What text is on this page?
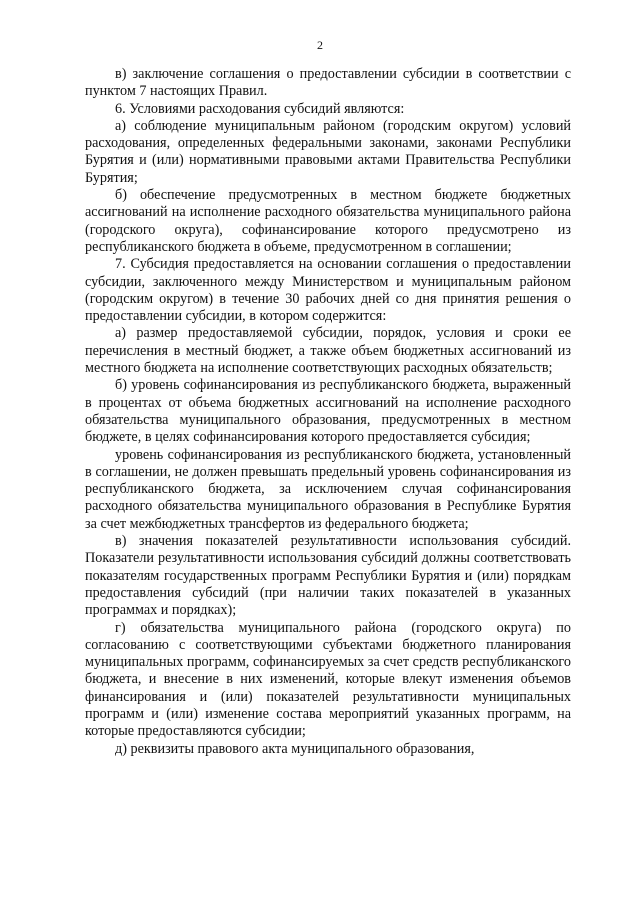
2

в) заключение соглашения о предоставлении субсидии в соответствии с пунктом 7 настоящих Правил.

6. Условиями расходования субсидий являются:

а) соблюдение муниципальным районом (городским округом) условий расходования, определенных федеральными законами, законами Республики Бурятия и (или) нормативными правовыми актами Правительства Республики Бурятия;

б) обеспечение предусмотренных в местном бюджете бюджетных ассигнований на исполнение расходного обязательства муниципального района (городского округа), софинансирование которого предусмотрено из республиканского бюджета в объеме, предусмотренном в соглашении;

7. Субсидия предоставляется на основании соглашения о предоставлении субсидии, заключенного между Министерством и муниципальным районом (городским округом) в течение 30 рабочих дней со дня принятия решения о предоставлении субсидии, в котором содержится:

а) размер предоставляемой субсидии, порядок, условия и сроки ее перечисления в местный бюджет, а также объем бюджетных ассигнований из местного бюджета на исполнение соответствующих расходных обязательств;

б) уровень софинансирования из республиканского бюджета, выраженный в процентах от объема бюджетных ассигнований на исполнение расходного обязательства муниципального образования, предусмотренных в местном бюджете, в целях софинансирования которого предоставляется субсидия;

уровень софинансирования из республиканского бюджета, установленный в соглашении, не должен превышать предельный уровень софинансирования из республиканского бюджета, за исключением случая софинансирования расходного обязательства муниципального образования в Республике Бурятия за счет межбюджетных трансфертов из федерального бюджета;

в) значения показателей результативности использования субсидий. Показатели результативности использования субсидий должны соответствовать показателям государственных программ Республики Бурятия и (или) порядкам предоставления субсидий (при наличии таких показателей в указанных программах и порядках);

г) обязательства муниципального района (городского округа) по согласованию с соответствующими субъектами бюджетного планирования муниципальных программ, софинансируемых за счет средств республиканского бюджета, и внесение в них изменений, которые влекут изменения объемов финансирования и (или) показателей результативности муниципальных программ и (или) изменение состава мероприятий указанных программ, на которые предоставляются субсидии;

д) реквизиты правового акта муниципального образования,
